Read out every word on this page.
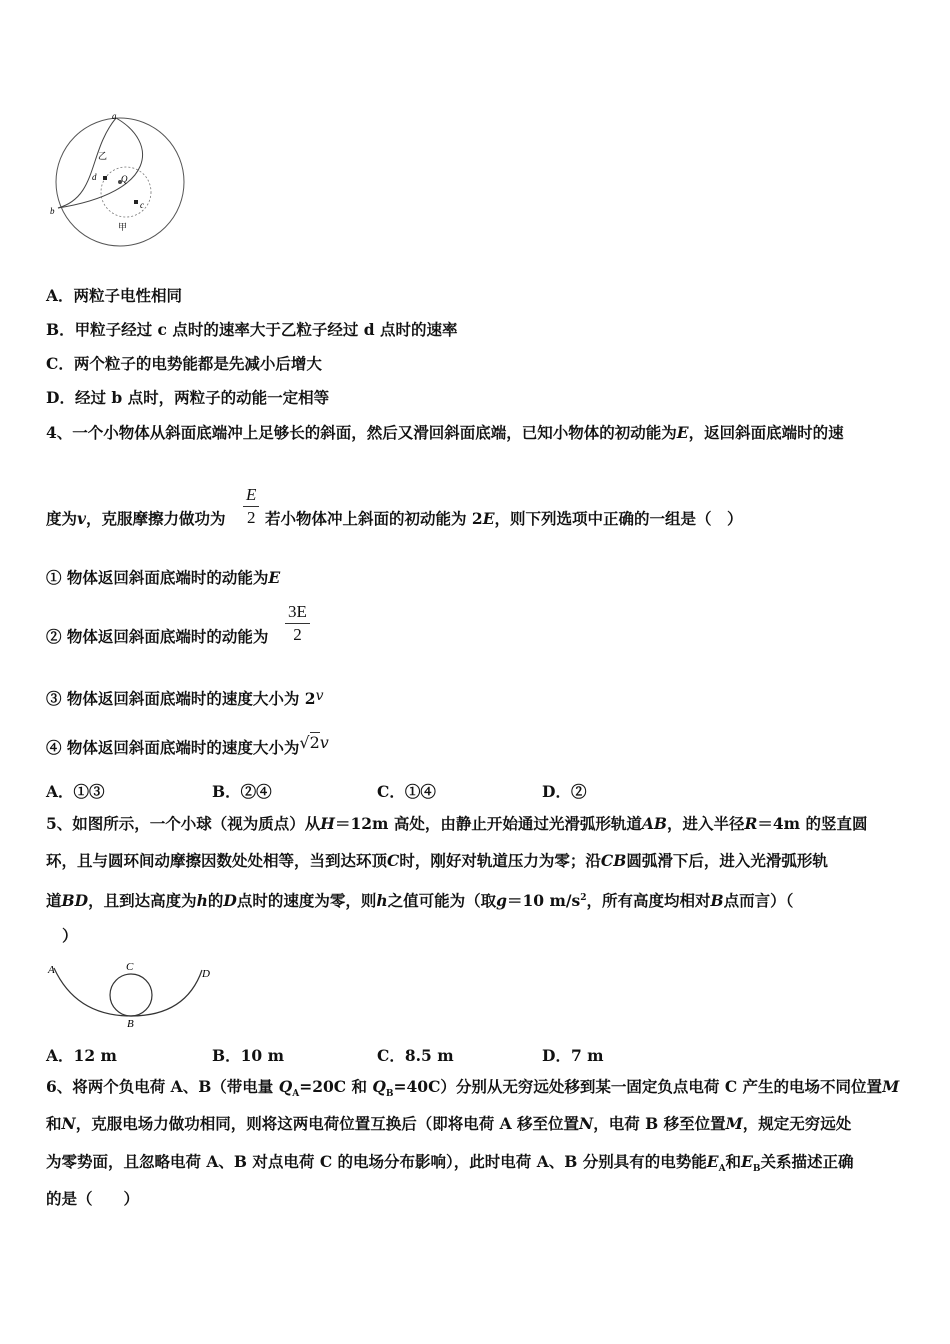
a
b
c
d	Q
乙
甲
A．两粒子电性相同
B．甲粒子经过 c 点时的速率大于乙粒子经过 d 点时的速率
C．两个粒子的电势能都是先减小后增大
D．经过 b 点时，两粒子的动能一定相等
4、一个小物体从斜面底端冲上足够长的斜面，然后又滑回斜面底端，已知小物体的初动能为E，返回斜面底端时的速
$\frac{E}{2}$
度为v，克服摩擦力做功为	若小物体冲上斜面的初动能为 2E，则下列选项中正确的一组是（　）
① 物体返回斜面底端时的动能为E
$\frac{3E}{2}$
② 物体返回斜面底端时的动能为
③ 物体返回斜面底端时的速度大小为 2v
④ 物体返回斜面底端时的速度大小为√2v
A．①③	B．②④	C．①④	D．②
5、如图所示，一个小球（视为质点）从H＝12m 高处，由静止开始通过光滑弧形轨道AB，进入半径R＝4m 的竖直圆
环，且与圆环间动摩擦因数处处相等，当到达环顶C时，刚好对轨道压力为零；沿CB圆弧滑下后，进入光滑弧形轨
道BD，且到达高度为h的D点时的速度为零，则h之值可能为（取g＝10 $m/s^2$，所有高度均相对B点而言）（
）
A	C
D
B
A．12 m	B．10 m	C．8.5 m	D．7 m
6、将两个负电荷 A、B（带电量 $Q_A=20C$ 和 $Q_B=40C$）分别从无穷远处移到某一固定负点电荷 C 产生的电场不同位置M
和N，克服电场力做功相同，则将这两电荷位置互换后（即将电荷 A 移至位置N，电荷 B 移至位置M，规定无穷远处
为零势面，且忽略电荷 A、B 对点电荷 C 的电场分布影响），此时电荷 A、B 分别具有的电势能$E_A$和$E_B$关系描述正确
的是（　　）
